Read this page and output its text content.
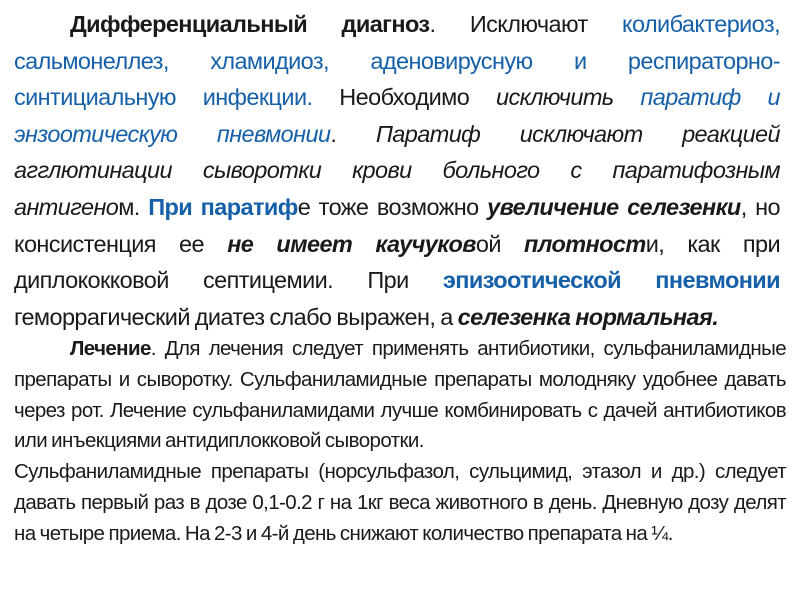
Дифференциальный диагноз. Исключают колибактериоз, сальмонеллез, хламидиоз, аденовирусную и респираторно-синтициальную инфекции. Необходимо исключить паратиф и энзоотическую пневмонии. Паратиф исключают реакцией агглютинации сыворотки крови больного с паратифозным антигеном. При паратифе тоже возможно увеличение селезенки, но консистенция ее не имеет каучуковой плотности, как при диплококковой септицемии. При эпизоотической пневмонии геморрагический диатез слабо выражен, а селезенка нормальная.

Лечение. Для лечения следует применять антибиотики, сульфаниламидные препараты и сыворотку. Сульфаниламидные препараты молодняку удобнее давать через рот. Лечение сульфаниламидами лучше комбинировать с дачей антибиотиков или инъекциями антидиплокковой сыворотки.

Сульфаниламидные препараты (норсульфазол, сульцимид, этазол и др.) следует давать первый раз в дозе 0,1-0.2 г на 1кг веса животного в день. Дневную дозу делят на четыре приема. На 2-3 и 4-й день снижают количество препарата на ¼.
